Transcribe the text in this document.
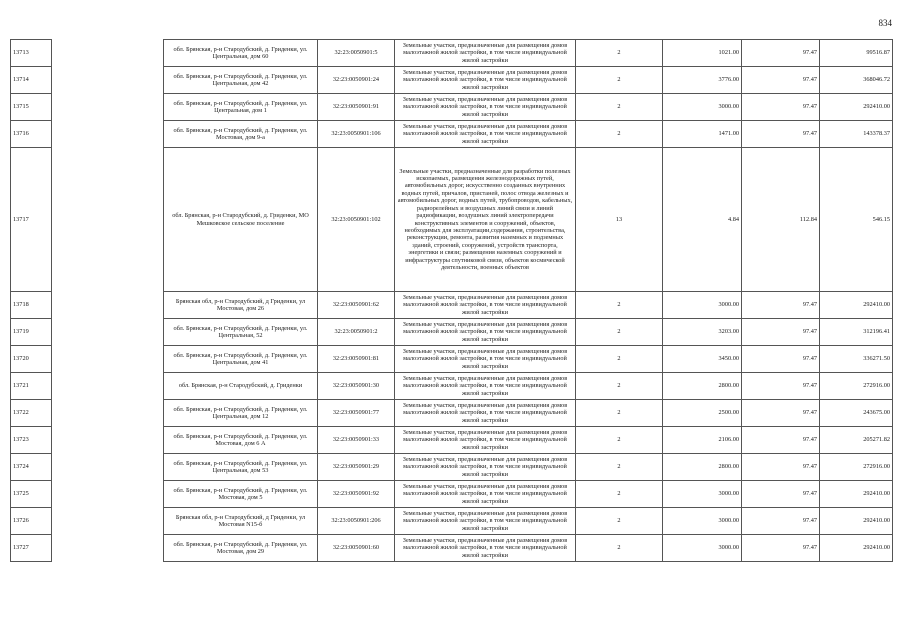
834
13713		обл. Брянская, р-н Стародубский, д. Гриденки, ул. Центральная, дом 60	32:23:0050901:5	Земельные участки, предназначенные для размещения домов малоэтажной жилой застройки, в том числе индивидуальной жилой застройки	2	1021.00	97.47	99516.87
13714		обл. Брянская, р-н Стародубский, д. Гриденки, ул. Центральная, дом 42	32:23:0050901:24	Земельные участки, предназначенные для размещения домов малоэтажной жилой застройки, в том числе индивидуальной жилой застройки	2	3776.00	97.47	368046.72
13715		обл. Брянская, р-н Стародубский, д. Гриденки, ул. Центральная, дом 1	32:23:0050901:91	Земельные участки, предназначенные для размещения домов малоэтажной жилой застройки, в том числе индивидуальной жилой застройки	2	3000.00	97.47	292410.00
13716		обл. Брянская, р-н Стародубский, д. Гриденки, ул. Мостовая, дом 9-а	32:23:0050901:106	Земельные участки, предназначенные для размещения домов малоэтажной жилой застройки, в том числе индивидуальной жилой застройки	2	1471.00	97.47	143378.37
13717		обл. Брянская, р-н Стародубский, д. Гриденки, МО Мешковское сельское поселение	32:23:0050901:102	Земельные участки, предназначенные для разработки полезных ископаемых, размещения железнодорожных путей, автомобильных дорог, искусственно созданных внутренних водных путей, причалов, пристаней, полос отвода железных и автомобильных дорог, водных путей, трубопроводов, кабельных, радиорелейных и воздушных линий связи и линий радиофикации, воздушных линий электропередачи конструктивных элементов и сооружений, объектов, необходимых для эксплуатации,содержания, строительства, реконструкции, ремонта, развития наземных и подземных зданий, строений, сооружений, устройств транспорта, энергетики и связи; размещения наземных сооружений и инфраструктуры спутниковой связи, объектов космической деятельности, военных объектов	13	4.84	112.84	546.15
13718		Брянская обл, р-н Стародубский, д Гриденки, ул Мостовая, дом 26	32:23:0050901:62	Земельные участки, предназначенные для размещения домов малоэтажной жилой застройки, в том числе индивидуальной жилой застройки	2	3000.00	97.47	292410.00
13719		обл. Брянская, р-н Стародубский, д. Гриденки, ул. Центральная, 52	32:23:0050901:2	Земельные участки, предназначенные для размещения домов малоэтажной жилой застройки, в том числе индивидуальной жилой застройки	2	3203.00	97.47	312196.41
13720		обл. Брянская, р-н Стародубский, д. Гриденки, ул. Центральная, дом 41	32:23:0050901:81	Земельные участки, предназначенные для размещения домов малоэтажной жилой застройки, в том числе индивидуальной жилой застройки	2	3450.00	97.47	336271.50
13721		обл. Брянская, р-н Стародубский, д. Гриденки	32:23:0050901:30	Земельные участки, предназначенные для размещения домов малоэтажной жилой застройки, в том числе индивидуальной жилой застройки	2	2800.00	97.47	272916.00
13722		обл. Брянская, р-н Стародубский, д. Гриденки, ул. Центральная, дом 12	32:23:0050901:77	Земельные участки, предназначенные для размещения домов малоэтажной жилой застройки, в том числе индивидуальной жилой застройки	2	2500.00	97.47	243675.00
13723		обл. Брянская, р-н Стародубский, д. Гриденки, ул. Мостовая, дом 6 А	32:23:0050901:33	Земельные участки, предназначенные для размещения домов малоэтажной жилой застройки, в том числе индивидуальной жилой застройки	2	2106.00	97.47	205271.82
13724		обл. Брянская, р-н Стародубский, д. Гриденки, ул. Центральная, дом 53	32:23:0050901:29	Земельные участки, предназначенные для размещения домов малоэтажной жилой застройки, в том числе индивидуальной жилой застройки	2	2800.00	97.47	272916.00
13725		обл. Брянская, р-н Стародубский, д. Гриденки, ул. Мостовая, дом 5	32:23:0050901:92	Земельные участки, предназначенные для размещения домов малоэтажной жилой застройки, в том числе индивидуальной жилой застройки	2	3000.00	97.47	292410.00
13726		Брянская обл, р-н Стародубский, д Гриденки, ул Мостовая N15-б	32:23:0050901:206	Земельные участки, предназначенные для размещения домов малоэтажной жилой застройки, в том числе индивидуальной жилой застройки	2	3000.00	97.47	292410.00
13727		обл. Брянская, р-н Стародубский, д. Гриденки, ул. Мостовая, дом 29	32:23:0050901:60	Земельные участки, предназначенные для размещения домов малоэтажной жилой застройки, в том числе индивидуальной жилой застройки	2	3000.00	97.47	292410.00
